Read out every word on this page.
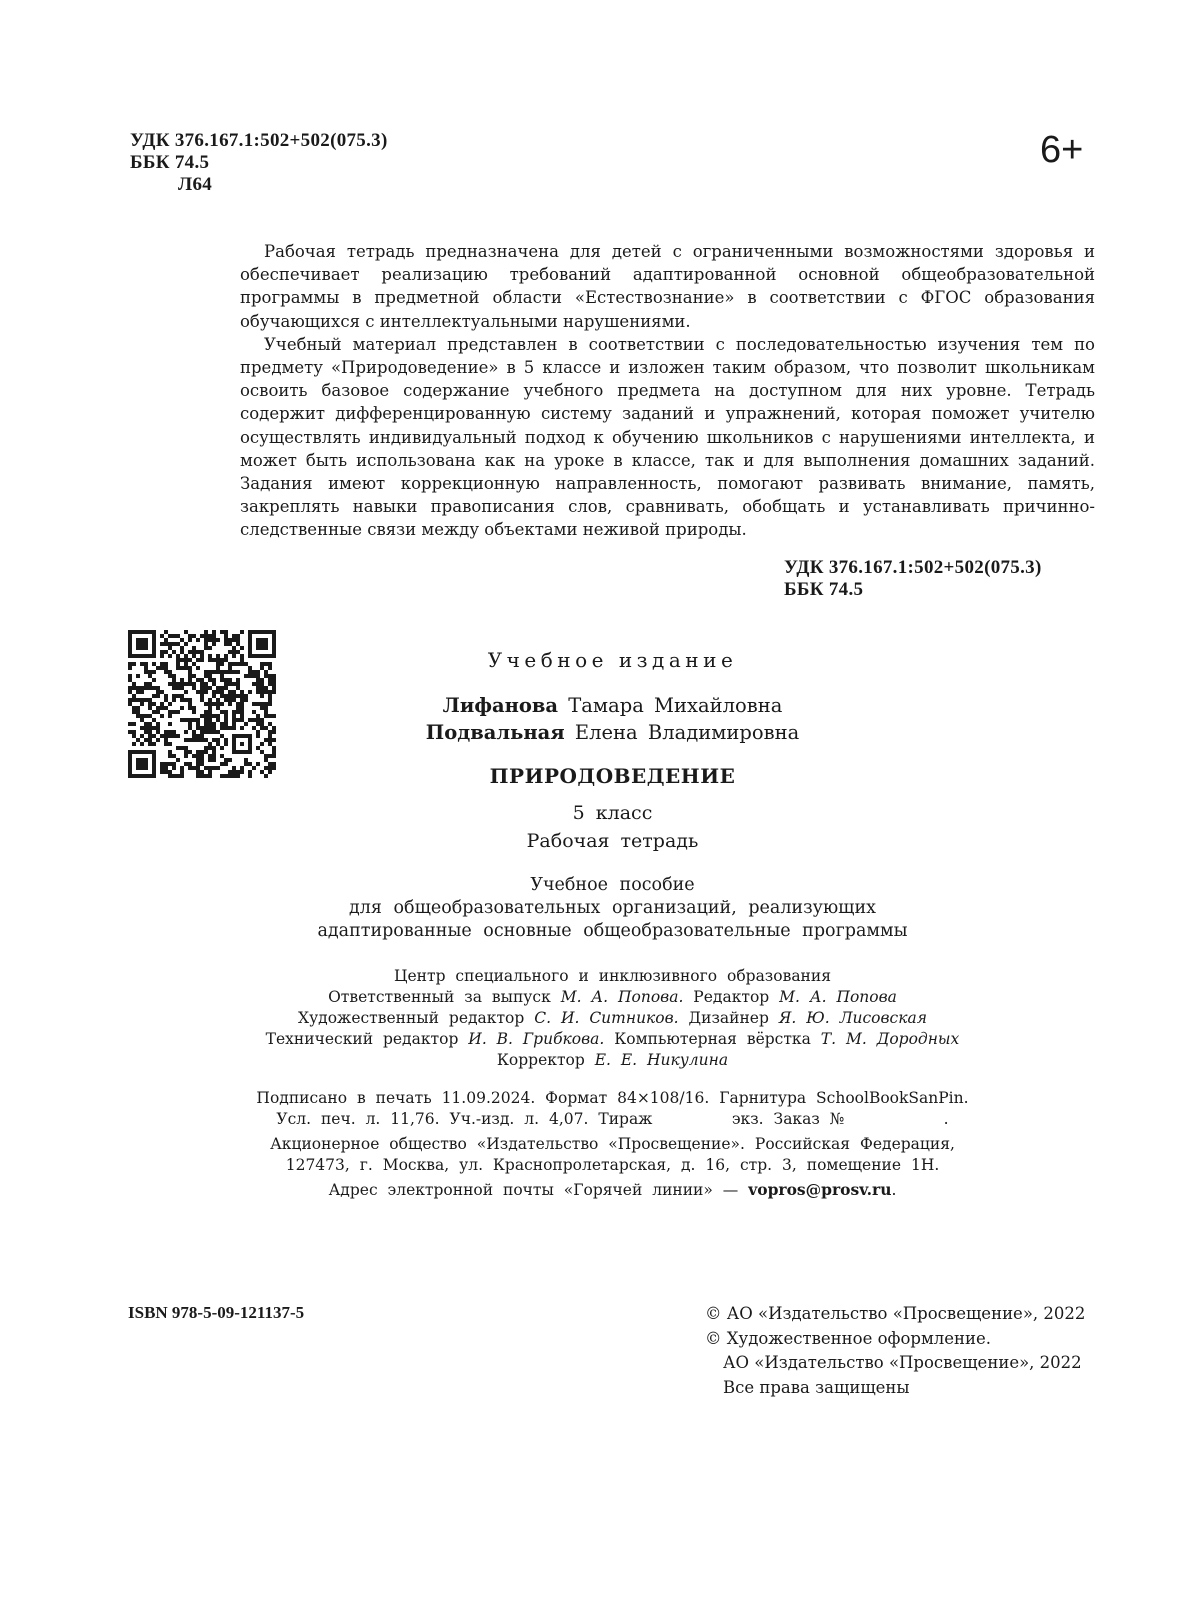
УДК 376.167.1:502+502(075.3)
ББК 74.5
Л64
6+

Рабочая тетрадь предназначена для детей с ограниченными возможностями здоровья и обеспечивает реализацию требований адаптированной основной общеобразовательной программы в предметной области «Естествознание» в соответствии с ФГОС образования обучающихся с интеллектуальными нарушениями.

Учебный материал представлен в соответствии с последовательностью изучения тем по предмету «Природоведение» в 5 классе и изложен таким образом, что позволит школьникам освоить базовое содержание учебного предмета на доступном для них уровне. Тетрадь содержит дифференцированную систему заданий и упражнений, которая поможет учителю осуществлять индивидуальный подход к обучению школьников с нарушениями интеллекта, и может быть использована как на уроке в классе, так и для выполнения домашних заданий. Задания имеют коррекционную направленность, помогают развивать внимание, память, закреплять навыки правописания слов, сравнивать, обобщать и устанавливать причинно-следственные связи между объектами неживой природы.

УДК 376.167.1:502+502(075.3)
ББК 74.5
Учебное издание
Лифанова Тамара Михайловна
Подвальная Елена Владимировна
ПРИРОДОВЕДЕНИЕ
5 класс
Рабочая тетрадь
Учебное пособие
для общеобразовательных организаций, реализующих
адаптированные основные общеобразовательные программы
Центр специального и инклюзивного образования
Ответственный за выпуск М. А. Попова. Редактор М. А. Попова
Художественный редактор С. И. Ситников. Дизайнер Я. Ю. Лисовская
Технический редактор И. В. Грибкова. Компьютерная вёрстка Т. М. Дородных
Корректор Е. Е. Никулина
Подписано в печать 11.09.2024. Формат 84×108/16. Гарнитура SchoolBookSanPin.
Усл. печ. л. 11,76. Уч.-изд. л. 4,07. Тираж        экз. Заказ №          .
Акционерное общество «Издательство «Просвещение». Российская Федерация,
127473, г. Москва, ул. Краснопролетарская, д. 16, стр. 3, помещение 1Н.
Адрес электронной почты «Горячей линии» — vopros@prosv.ru.
ISBN 978-5-09-121137-5	© АО «Издательство «Просвещение», 2022
© Художественное оформление.
АО «Издательство «Просвещение», 2022
Все права защищены
